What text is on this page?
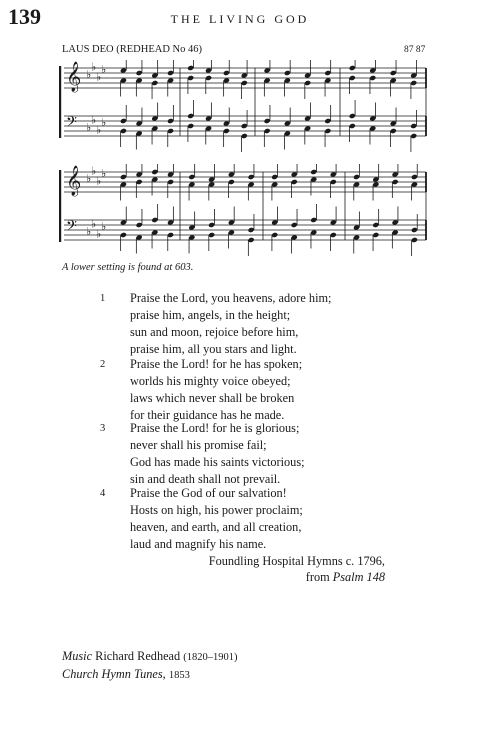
139	THE LIVING GOD
LAUS DEO (REDHEAD No 46)	87 87
𝄞 ♭
♭
♭
♭
𝄢 ♭
♭
♭
♭
𝄞 ♭
♭
♭
♭
𝄢 ♭
♭
♭
♭
A lower setting is found at 603.
1 Praise the Lord, you heavens, adore him;
praise him, angels, in the height;
sun and moon, rejoice before him,
praise him, all you stars and light.
2 Praise the Lord! for he has spoken;
worlds his mighty voice obeyed;
laws which never shall be broken
for their guidance has he made.
3 Praise the Lord! for he is glorious;
never shall his promise fail;
God has made his saints victorious;
sin and death shall not prevail.
4 Praise the God of our salvation!
Hosts on high, his power proclaim;
heaven, and earth, and all creation,
laud and magnify his name.
Foundling Hospital Hymns c. 1796,
from Psalm 148
Music Richard Redhead (1820–1901)
Church Hymn Tunes, 1853
